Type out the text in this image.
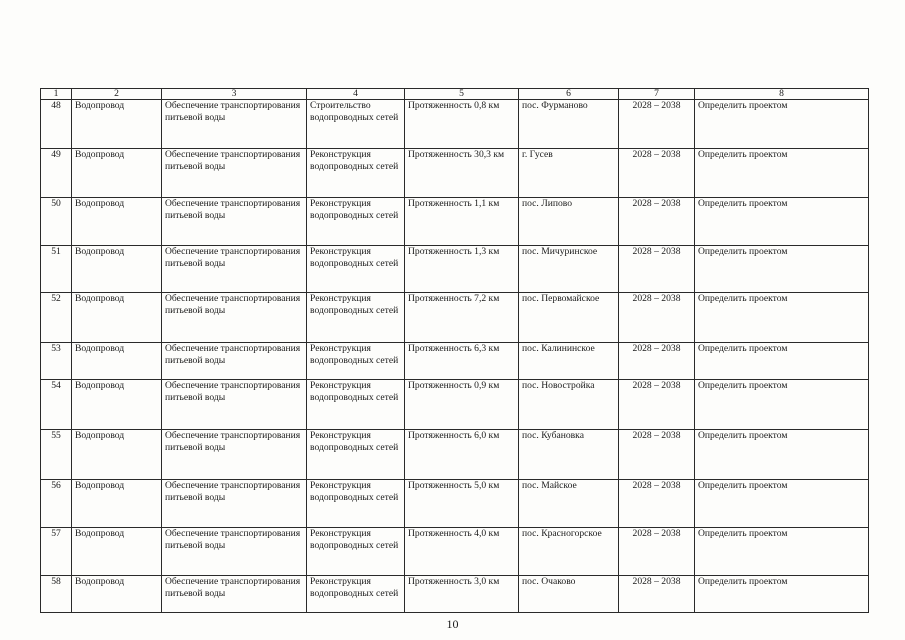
1	2	3	4	5	6	7	8
48	Водопровод	Обеспечение транспортирования питьевой воды	Строительство водопроводных сетей	Протяженность 0,8 км	пос. Фурманово	2028 – 2038	Определить проектом
49	Водопровод	Обеспечение транспортирования питьевой воды	Реконструкция водопроводных сетей	Протяженность 30,3 км	г. Гусев	2028 – 2038	Определить проектом
50	Водопровод	Обеспечение транспортирования питьевой воды	Реконструкция водопроводных сетей	Протяженность 1,1 км	пос. Липово	2028 – 2038	Определить проектом
51	Водопровод	Обеспечение транспортирования питьевой воды	Реконструкция водопроводных сетей	Протяженность 1,3 км	пос. Мичуринское	2028 – 2038	Определить проектом
52	Водопровод	Обеспечение транспортирования питьевой воды	Реконструкция водопроводных сетей	Протяженность 7,2 км	пос. Первомайское	2028 – 2038	Определить проектом
53	Водопровод	Обеспечение транспортирования питьевой воды	Реконструкция водопроводных сетей	Протяженность 6,3 км	пос. Калининское	2028 – 2038	Определить проектом
54	Водопровод	Обеспечение транспортирования питьевой воды	Реконструкция водопроводных сетей	Протяженность 0,9 км	пос. Новостройка	2028 – 2038	Определить проектом
55	Водопровод	Обеспечение транспортирования питьевой воды	Реконструкция водопроводных сетей	Протяженность 6,0 км	пос. Кубановка	2028 – 2038	Определить проектом
56	Водопровод	Обеспечение транспортирования питьевой воды	Реконструкция водопроводных сетей	Протяженность 5,0 км	пос. Майское	2028 – 2038	Определить проектом
57	Водопровод	Обеспечение транспортирования питьевой воды	Реконструкция водопроводных сетей	Протяженность 4,0 км	пос. Красногорское	2028 – 2038	Определить проектом
58	Водопровод	Обеспечение транспортирования питьевой воды	Реконструкция водопроводных сетей	Протяженность 3,0 км	пос. Очаково	2028 – 2038	Определить проектом
10
